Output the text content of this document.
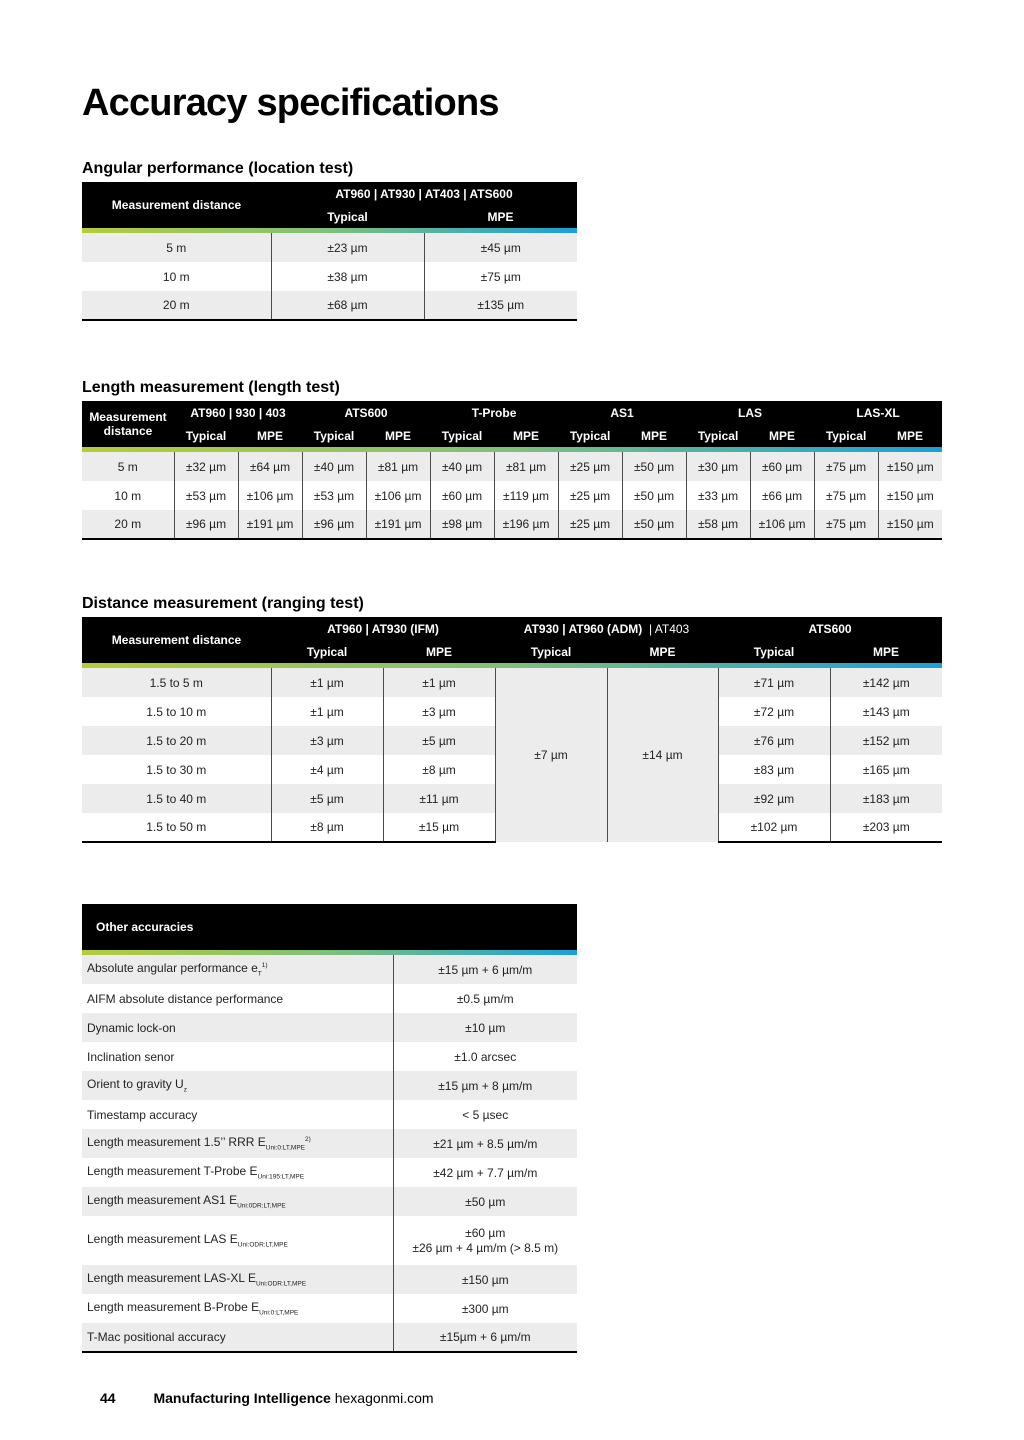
Accuracy specifications
Angular performance (location test)
Measurement distance	AT960 | AT930 | AT403 | ATS600	
	Typical	MPE

5 m	±23 µm	±45 µm
10 m	±38 µm	±75 µm
20 m	±68 µm	±135 µm
Length measurement (length test)
Measurement distance	AT960 | 930 | 403		ATS600		T-Probe		AS1		LAS		LAS-XL	
	Typical	MPE	Typical	MPE	Typical	MPE	Typical	MPE	Typical	MPE	Typical	MPE

5 m	±32 µm	±64 µm	±40 µm	±81 µm	±40 µm	±81 µm	±25 µm	±50 µm	±30 µm	±60 µm	±75 µm	±150 µm
10 m	±53 µm	±106 µm	±53 µm	±106 µm	±60 µm	±119 µm	±25 µm	±50 µm	±33 µm	±66 µm	±75 µm	±150 µm
20 m	±96 µm	±191 µm	±96 µm	±191 µm	±98 µm	±196 µm	±25 µm	±50 µm	±58 µm	±106 µm	±75 µm	±150 µm
Distance measurement (ranging test)
Measurement distance	AT960 | AT930 (IFM)		AT930 | AT960 (ADM) | AT403		ATS600	
	Typical	MPE	Typical	MPE	Typical	MPE

1.5 to 5 m	±1 µm	±1 µm	±7 µm	±14 µm	±71 µm	±142 µm
1.5 to 10 m	±1 µm	±3 µm			±72 µm	±143 µm
1.5 to 20 m	±3 µm	±5 µm			±76 µm	±152 µm
1.5 to 30 m	±4 µm	±8 µm			±83 µm	±165 µm
1.5 to 40 m	±5 µm	±11 µm			±92 µm	±183 µm
1.5 to 50 m	±8 µm	±15 µm			±102 µm	±203 µm
Other accuracies	

Absolute angular performance $e_T^{1)}$	±15 µm + 6 µm/m
AIFM absolute distance performance	±0.5 µm/m
Dynamic lock-on	±10 µm
Inclination senor	±1.0 arcsec
Orient to gravity $U_z$	±15 µm + 8 µm/m
Timestamp accuracy	< 5 µsec
Length measurement 1.5’’ RRR $E_{Uni:0:LT,MPE}^{2)}$	±21 µm + 8.5 µm/m
Length measurement T-Probe $E_{Uni:195:LT,MPE}$	±42 µm + 7.7 µm/m
Length measurement AS1 $E_{Uni:0DR:LT,MPE}$	±50 µm
Length measurement LAS $E_{Uni:ODR:LT,MPE}$	±60 µm
±26 µm + 4 µm/m (> 8.5 m)
Length measurement LAS-XL $E_{Uni:ODR:LT,MPE}$	±150 µm
Length measurement B-Probe $E_{Uni:0:LT,MPE}$	±300 µm
T-Mac positional accuracy	±15µm + 6 µm/m
44	Manufacturing Intelligence hexagonmi.com
